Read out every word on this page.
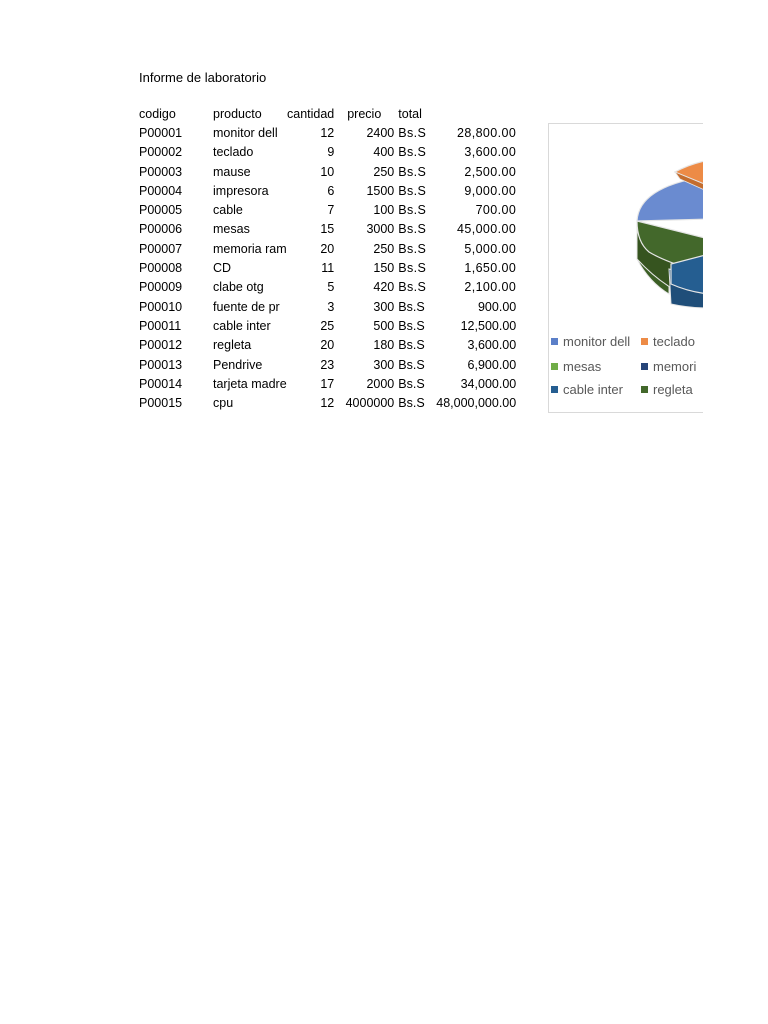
Informe de laboratorio
codigo	producto	cantidad	precio	total	
P00001	monitor dell	12	2400	Bs.S	28,800.00
P00002	teclado	9	400	Bs.S	3,600.00
P00003	mause	10	250	Bs.S	2,500.00
P00004	impresora	6	1500	Bs.S	9,000.00
P00005	cable	7	100	Bs.S	700.00
P00006	mesas	15	3000	Bs.S	45,000.00
P00007	memoria ram	20	250	Bs.S	5,000.00
P00008	CD	11	150	Bs.S	1,650.00
P00009	clabe otg	5	420	Bs.S	2,100.00
P00010	fuente de pr	3	300	Bs.S	900.00
P00011	cable inter	25	500	Bs.S	12,500.00
P00012	regleta	20	180	Bs.S	3,600.00
P00013	Pendrive	23	300	Bs.S	6,900.00
P00014	tarjeta madre	17	2000	Bs.S	34,000.00
P00015	cpu	12	4000000	Bs.S	48,000,000.00
monitor dell	teclado
mesas	memori
cable inter	regleta
